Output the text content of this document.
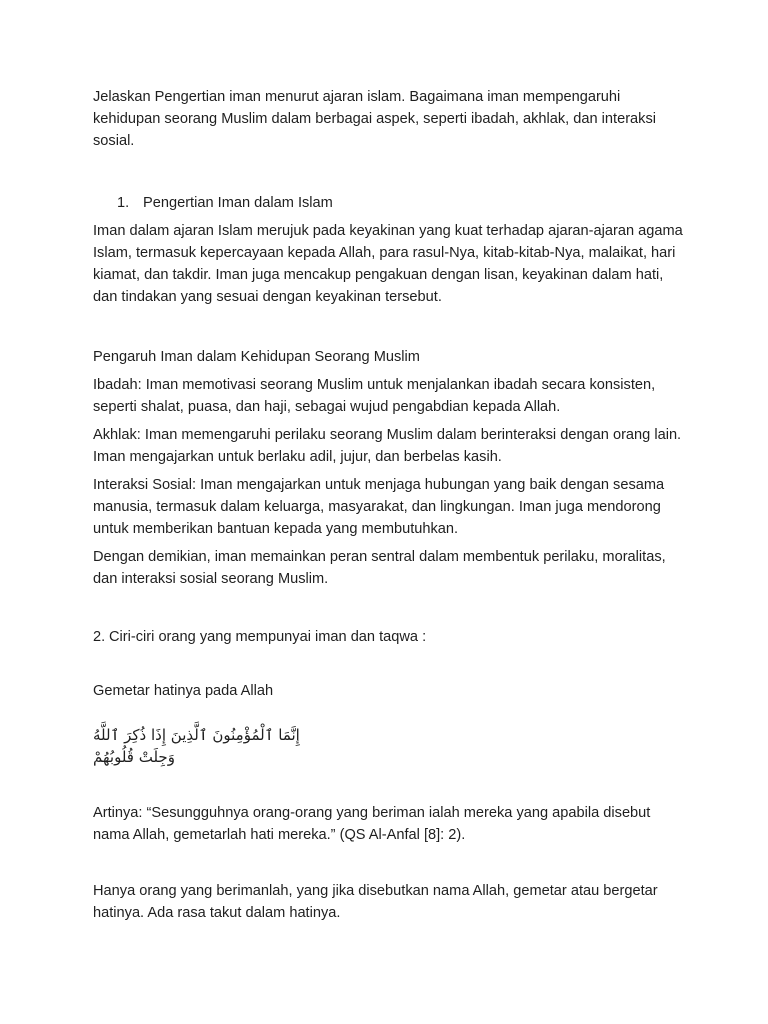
Jelaskan Pengertian iman menurut ajaran islam. Bagaimana iman mempengaruhi kehidupan seorang Muslim dalam berbagai aspek, seperti ibadah, akhlak, dan interaksi sosial.

1. Pengertian Iman dalam Islam

Iman dalam ajaran Islam merujuk pada keyakinan yang kuat terhadap ajaran-ajaran agama Islam, termasuk kepercayaan kepada Allah, para rasul-Nya, kitab-kitab-Nya, malaikat, hari kiamat, dan takdir. Iman juga mencakup pengakuan dengan lisan, keyakinan dalam hati, dan tindakan yang sesuai dengan keyakinan tersebut.

Pengaruh Iman dalam Kehidupan Seorang Muslim

Ibadah: Iman memotivasi seorang Muslim untuk menjalankan ibadah secara konsisten, seperti shalat, puasa, dan haji, sebagai wujud pengabdian kepada Allah.

Akhlak: Iman memengaruhi perilaku seorang Muslim dalam berinteraksi dengan orang lain. Iman mengajarkan untuk berlaku adil, jujur, dan berbelas kasih.

Interaksi Sosial: Iman mengajarkan untuk menjaga hubungan yang baik dengan sesama manusia, termasuk dalam keluarga, masyarakat, dan lingkungan. Iman juga mendorong untuk memberikan bantuan kepada yang membutuhkan.

Dengan demikian, iman memainkan peran sentral dalam membentuk perilaku, moralitas, dan interaksi sosial seorang Muslim.

2. Ciri-ciri orang yang mempunyai iman dan taqwa :

Gemetar hatinya pada Allah

إِنَّمَا ٱلْمُؤْمِنُونَ ٱلَّذِينَ إِذَا ذُكِرَ ٱللَّهُ وَجِلَتْ قُلُوبُهُمْ

Artinya: “Sesungguhnya orang-orang yang beriman ialah mereka yang apabila disebut nama Allah, gemetarlah hati mereka.” (QS Al-Anfal [8]: 2).

Hanya orang yang berimanlah, yang jika disebutkan nama Allah, gemetar atau bergetar hatinya. Ada rasa takut dalam hatinya.
